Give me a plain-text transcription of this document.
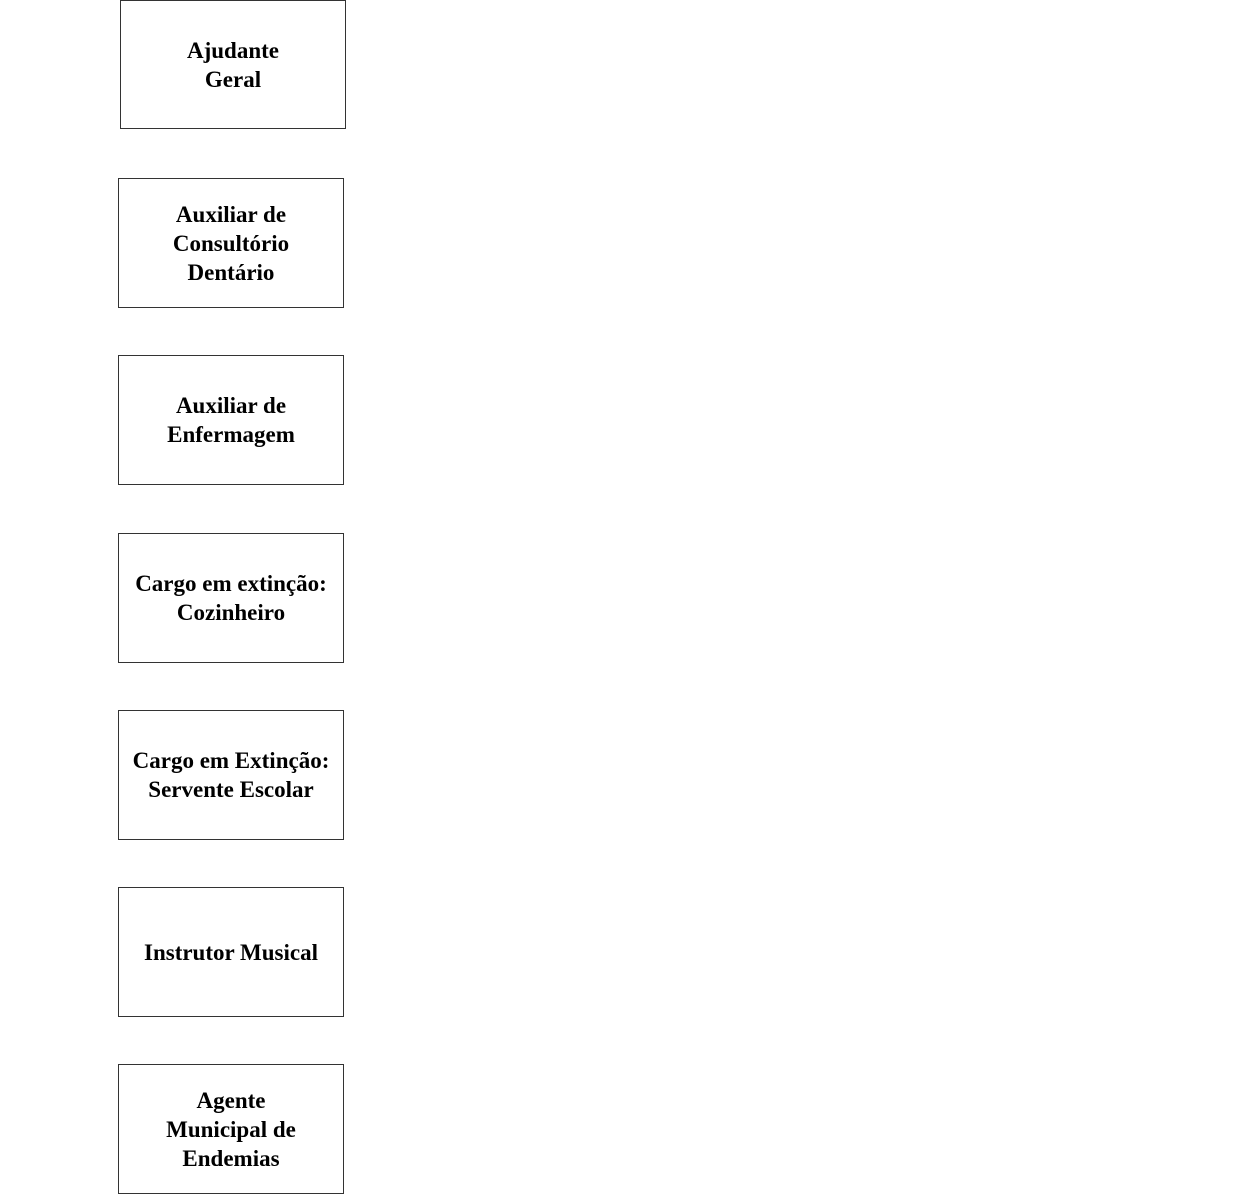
Ajudante
Geral
Auxiliar de
Consultório
Dentário
Auxiliar de
Enfermagem
Cargo em extinção:
Cozinheiro
Cargo em Extinção:
Servente Escolar
Instrutor Musical
Agente
Municipal de
Endemias
